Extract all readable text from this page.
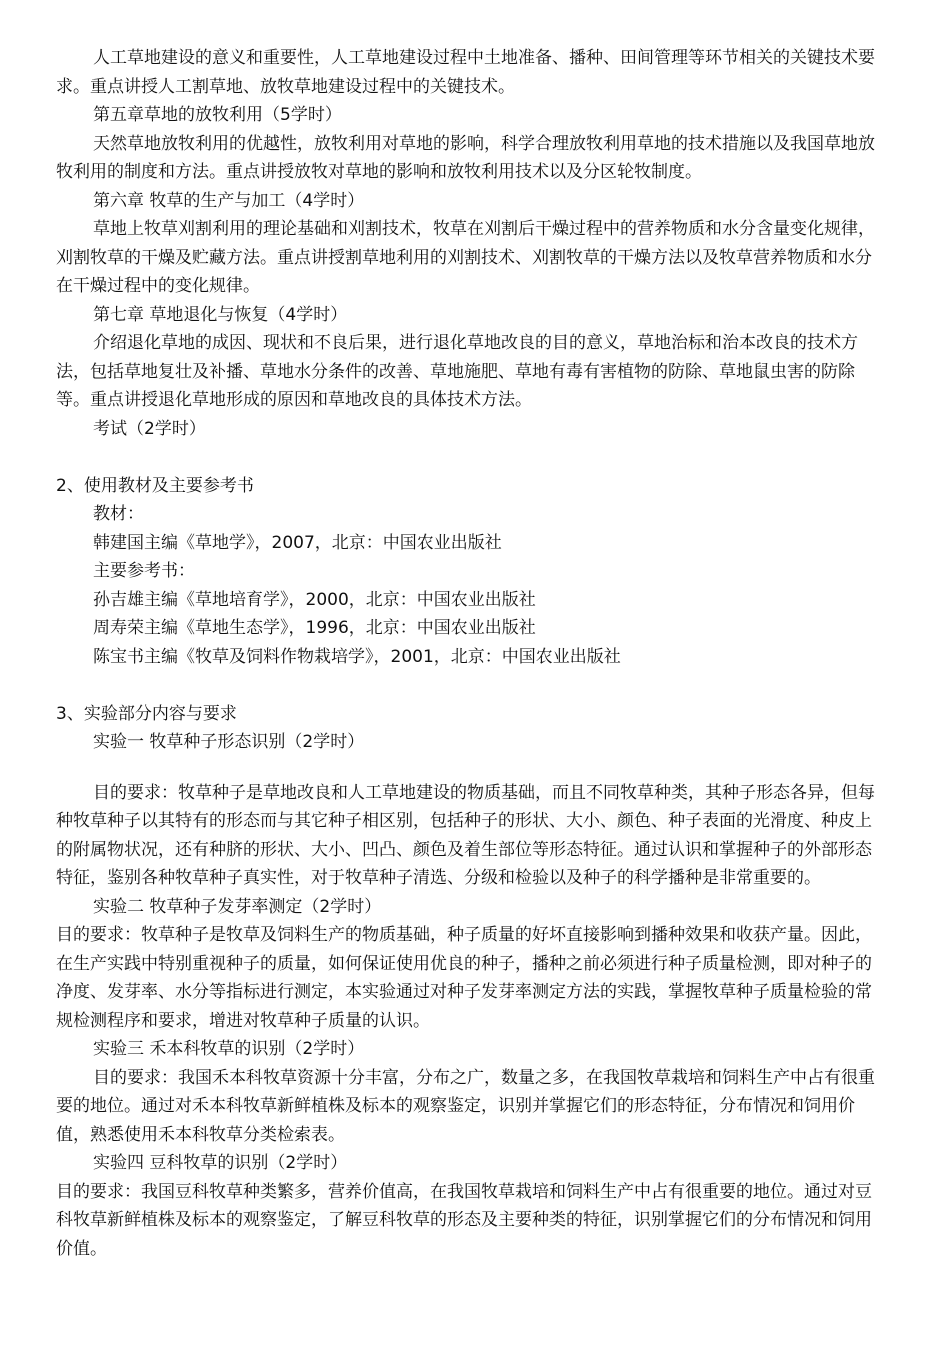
人工草地建设的意义和重要性，人工草地建设过程中土地准备、播种、田间管理等环节相关的关键技术要求。重点讲授人工割草地、放牧草地建设过程中的关键技术。

第五章草地的放牧利用（5学时）

天然草地放牧利用的优越性，放牧利用对草地的影响，科学合理放牧利用草地的技术措施以及我国草地放牧利用的制度和方法。重点讲授放牧对草地的影响和放牧利用技术以及分区轮牧制度。

第六章 牧草的生产与加工（4学时）

草地上牧草刈割利用的理论基础和刈割技术，牧草在刈割后干燥过程中的营养物质和水分含量变化规律，刈割牧草的干燥及贮藏方法。重点讲授割草地利用的刈割技术、刈割牧草的干燥方法以及牧草营养物质和水分在干燥过程中的变化规律。

第七章 草地退化与恢复（4学时）

介绍退化草地的成因、现状和不良后果，进行退化草地改良的目的意义，草地治标和治本改良的技术方法，包括草地复壮及补播、草地水分条件的改善、草地施肥、草地有毒有害植物的防除、草地鼠虫害的防除等。重点讲授退化草地形成的原因和草地改良的具体技术方法。

考试（2学时）

2、使用教材及主要参考书

教材：

韩建国主编《草地学》，2007，北京：中国农业出版社

主要参考书：

孙吉雄主编《草地培育学》，2000，北京：中国农业出版社

周寿荣主编《草地生态学》，1996，北京：中国农业出版社

陈宝书主编《牧草及饲料作物栽培学》，2001，北京：中国农业出版社

3、实验部分内容与要求

实验一 牧草种子形态识别（2学时）

目的要求：牧草种子是草地改良和人工草地建设的物质基础，而且不同牧草种类，其种子形态各异，但每种牧草种子以其特有的形态而与其它种子相区别，包括种子的形状、大小、颜色、种子表面的光滑度、种皮上的附属物状况，还有种脐的形状、大小、凹凸、颜色及着生部位等形态特征。通过认识和掌握种子的外部形态特征，鉴别各种牧草种子真实性，对于牧草种子清选、分级和检验以及种子的科学播种是非常重要的。

实验二 牧草种子发芽率测定（2学时）

目的要求：牧草种子是牧草及饲料生产的物质基础，种子质量的好坏直接影响到播种效果和收获产量。因此，在生产实践中特别重视种子的质量，如何保证使用优良的种子，播种之前必须进行种子质量检测，即对种子的净度、发芽率、水分等指标进行测定，本实验通过对种子发芽率测定方法的实践，掌握牧草种子质量检验的常规检测程序和要求，增进对牧草种子质量的认识。

实验三 禾本科牧草的识别（2学时）

目的要求：我国禾本科牧草资源十分丰富，分布之广，数量之多，在我国牧草栽培和饲料生产中占有很重要的地位。通过对禾本科牧草新鲜植株及标本的观察鉴定，识别并掌握它们的形态特征，分布情况和饲用价值，熟悉使用禾本科牧草分类检索表。

实验四 豆科牧草的识别（2学时）

目的要求：我国豆科牧草种类繁多，营养价值高，在我国牧草栽培和饲料生产中占有很重要的地位。通过对豆科牧草新鲜植株及标本的观察鉴定，了解豆科牧草的形态及主要种类的特征，识别掌握它们的分布情况和饲用价值。
